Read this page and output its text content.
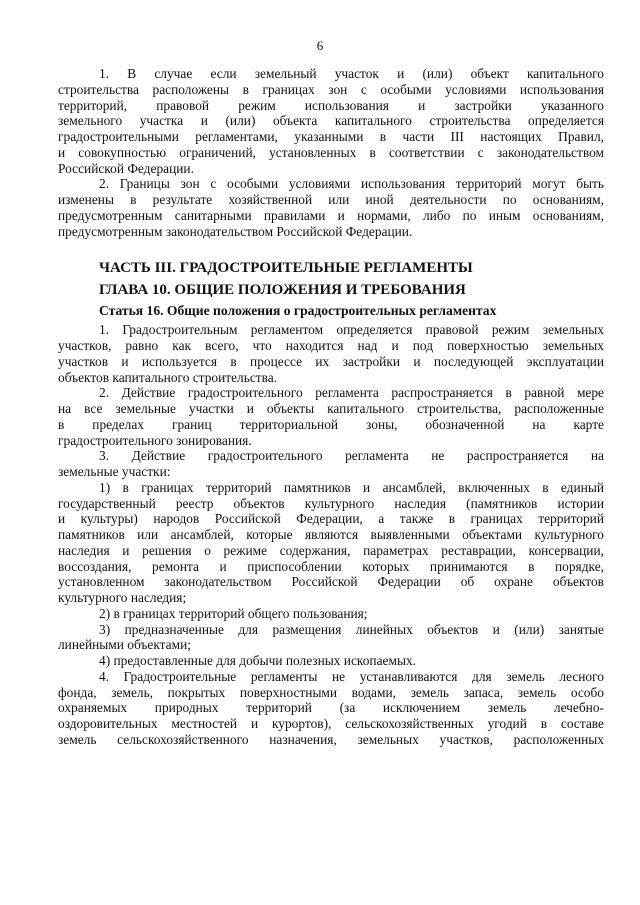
6
1. В случае если земельный участок и (или) объект капитального
строительства расположены в границах зон с особыми условиями использования
территорий, правовой режим использования и застройки указанного
земельного участка и (или) объекта капитального строительства определяется
градостроительными регламентами, указанными в части III настоящих Правил,
и совокупностью ограничений, установленных в соответствии с законодательством
Российской Федерации.
2. Границы зон с особыми условиями использования территорий могут быть
изменены в результате хозяйственной или иной деятельности по основаниям,
предусмотренным санитарными правилами и нормами, либо по иным основаниям,
предусмотренным законодательством Российской Федерации.
ЧАСТЬ III. ГРАДОСТРОИТЕЛЬНЫЕ РЕГЛАМЕНТЫ
ГЛАВА 10. ОБЩИЕ ПОЛОЖЕНИЯ И ТРЕБОВАНИЯ
Статья 16. Общие положения о градостроительных регламентах
1. Градостроительным регламентом определяется правовой режим земельных
участков, равно как всего, что находится над и под поверхностью земельных
участков и используется в процессе их застройки и последующей эксплуатации
объектов капитального строительства.
2. Действие градостроительного регламента распространяется в равной мере
на все земельные участки и объекты капитального строительства, расположенные
в пределах границ территориальной зоны, обозначенной на карте
градостроительного зонирования.
3. Действие градостроительного регламента не распространяется на
земельные участки:
1) в границах территорий памятников и ансамблей, включенных в единый
государственный реестр объектов культурного наследия (памятников истории
и культуры) народов Российской Федерации, а также в границах территорий
памятников или ансамблей, которые являются выявленными объектами культурного
наследия и решения о режиме содержания, параметрах реставрации, консервации,
воссоздания, ремонта и приспособлении которых принимаются в порядке,
установленном законодательством Российской Федерации об охране объектов
культурного наследия;
2) в границах территорий общего пользования;
3) предназначенные для размещения линейных объектов и (или) занятые
линейными объектами;
4) предоставленные для добычи полезных ископаемых.
4. Градостроительные регламенты не устанавливаются для земель лесного
фонда, земель, покрытых поверхностными водами, земель запаса, земель особо
охраняемых природных территорий (за исключением земель лечебно-
оздоровительных местностей и курортов), сельскохозяйственных угодий в составе
земель сельскохозяйственного назначения, земельных участков, расположенных
